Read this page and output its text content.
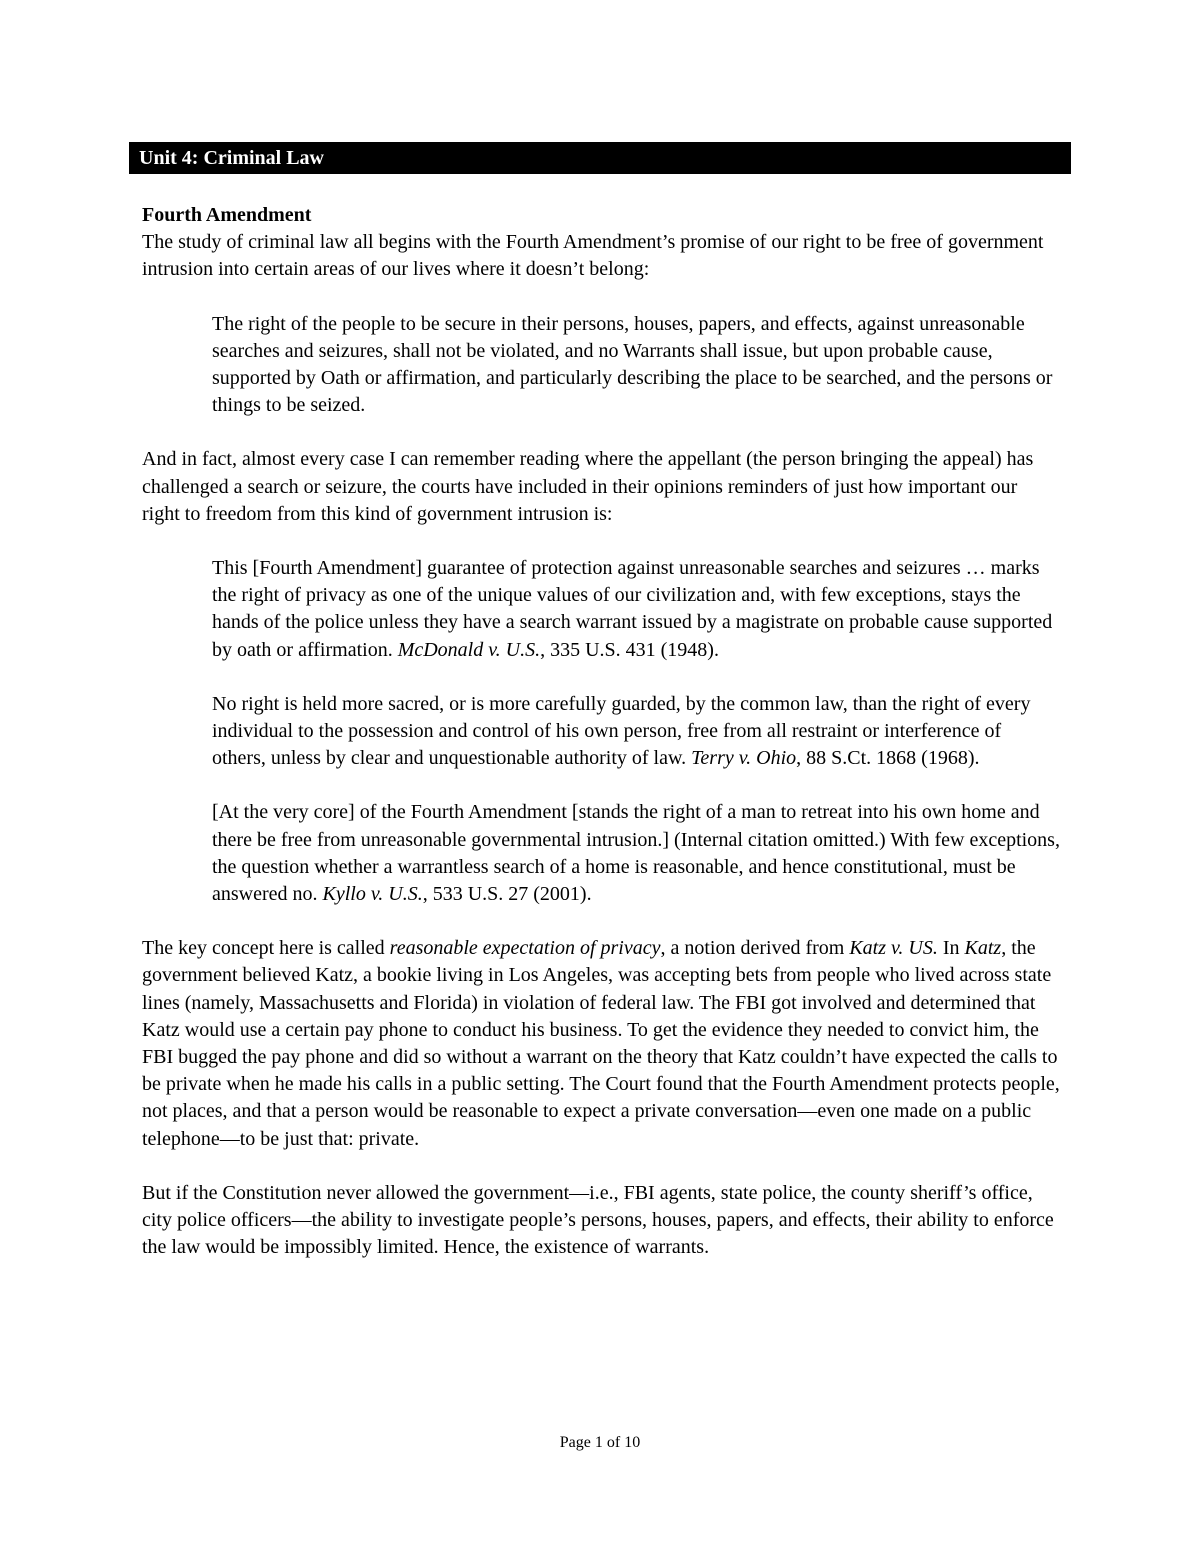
Unit 4: Criminal Law
Fourth Amendment

The study of criminal law all begins with the Fourth Amendment’s promise of our right to be free of government intrusion into certain areas of our lives where it doesn’t belong:

The right of the people to be secure in their persons, houses, papers, and effects, against unreasonable searches and seizures, shall not be violated, and no Warrants shall issue, but upon probable cause, supported by Oath or affirmation, and particularly describing the place to be searched, and the persons or things to be seized.

And in fact, almost every case I can remember reading where the appellant (the person bringing the appeal) has challenged a search or seizure, the courts have included in their opinions reminders of just how important our right to freedom from this kind of government intrusion is:

This [Fourth Amendment] guarantee of protection against unreasonable searches and seizures … marks the right of privacy as one of the unique values of our civilization and, with few exceptions, stays the hands of the police unless they have a search warrant issued by a magistrate on probable cause supported by oath or affirmation. McDonald v. U.S., 335 U.S. 431 (1948).

No right is held more sacred, or is more carefully guarded, by the common law, than the right of every individual to the possession and control of his own person, free from all restraint or interference of others, unless by clear and unquestionable authority of law. Terry v. Ohio, 88 S.Ct. 1868 (1968).

[At the very core] of the Fourth Amendment [stands the right of a man to retreat into his own home and there be free from unreasonable governmental intrusion.] (Internal citation omitted.) With few exceptions, the question whether a warrantless search of a home is reasonable, and hence constitutional, must be answered no. Kyllo v. U.S., 533 U.S. 27 (2001).

The key concept here is called reasonable expectation of privacy, a notion derived from Katz v. US. In Katz, the government believed Katz, a bookie living in Los Angeles, was accepting bets from people who lived across state lines (namely, Massachusetts and Florida) in violation of federal law. The FBI got involved and determined that Katz would use a certain pay phone to conduct his business. To get the evidence they needed to convict him, the FBI bugged the pay phone and did so without a warrant on the theory that Katz couldn’t have expected the calls to be private when he made his calls in a public setting. The Court found that the Fourth Amendment protects people, not places, and that a person would be reasonable to expect a private conversation—even one made on a public telephone—to be just that: private.

But if the Constitution never allowed the government—i.e., FBI agents, state police, the county sheriff’s office, city police officers—the ability to investigate people’s persons, houses, papers, and effects, their ability to enforce the law would be impossibly limited. Hence, the existence of warrants.

Page 1 of 10
